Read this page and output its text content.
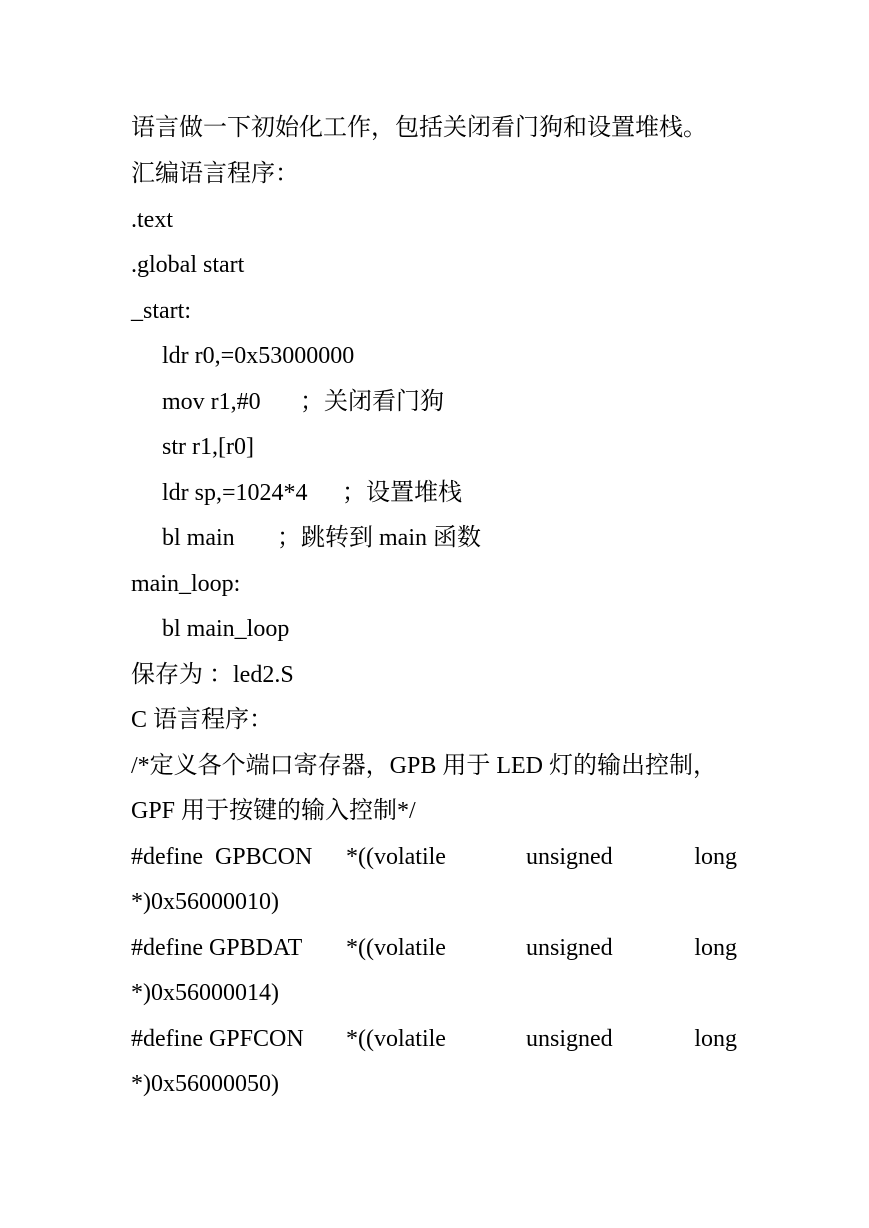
语言做一下初始化工作，包括关闭看门狗和设置堆栈。
汇编语言程序：
.text
.global start
_start:
ldr r0,=0x53000000

mov r1,#0

；关闭看门狗

str r1,[r0]

ldr sp,=1024*4

；设置堆栈

bl main

；跳转到 main 函数

main_loop:
bl main_loop
保存为 ：led2.S
C 语言程序：
/*定义各个端口寄存器，GPB 用于 LED 灯的输出控制，
GPF 用于按键的输入控制*/

#define  GPBCON

*((volatile

	unsigned

	long

*)0x56000010)

#define GPBDAT

*((volatile

	unsigned

	long

*)0x56000014)

#define GPFCON

*((volatile

	unsigned

	long

*)0x56000050)
